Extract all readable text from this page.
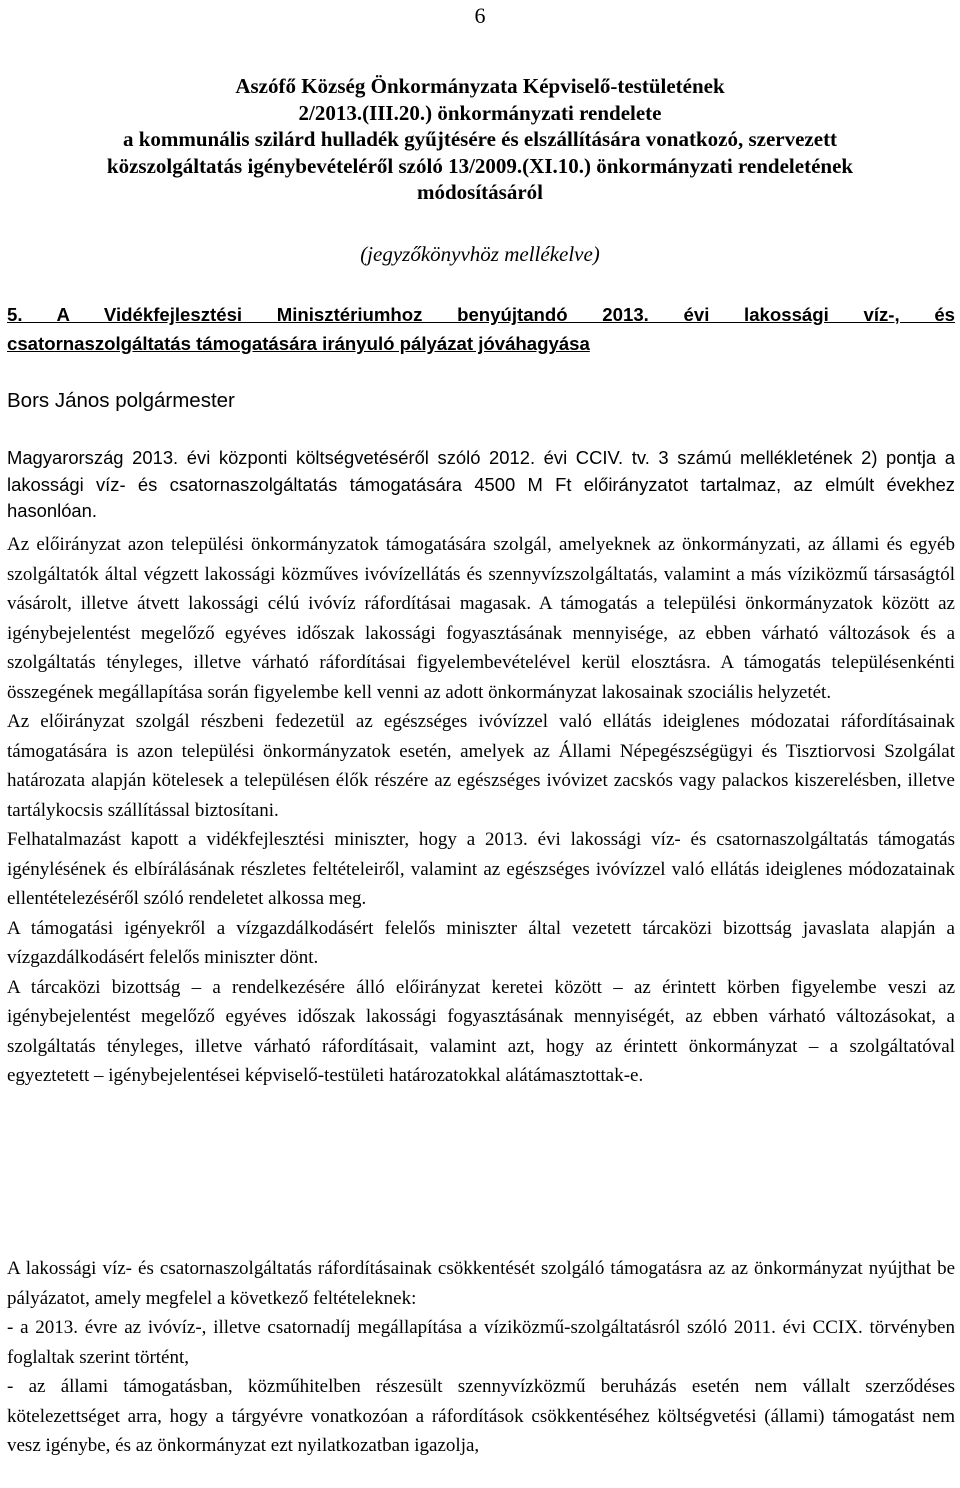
6
Aszófő Község Önkormányzata Képviselő-testületének
2/2013.(III.20.) önkormányzati rendelete
a kommunális szilárd hulladék gyűjtésére és elszállítására vonatkozó, szervezett
közszolgáltatás igénybevételéről szóló 13/2009.(XI.10.) önkormányzati rendeletének
módosításáról
(jegyzőkönyvhöz mellékelve)
5. A Vidékfejlesztési Minisztériumhoz benyújtandó 2013. évi lakossági víz-, és
csatornaszolgáltatás támogatására irányuló pályázat jóváhagyása
Bors János polgármester

Magyarország 2013. évi központi költségvetéséről szóló 2012. évi CCIV. tv. 3 számú mellékletének 2) pontja a lakossági víz- és csatornaszolgáltatás támogatására 4500 M Ft előirányzatot tartalmaz, az elmúlt évekhez hasonlóan.

Az előirányzat azon települési önkormányzatok támogatására szolgál, amelyeknek az önkormányzati, az állami és egyéb szolgáltatók által végzett lakossági közműves ivóvízellátás és szennyvízszolgáltatás, valamint a más víziközmű társaságtól vásárolt, illetve átvett lakossági célú ivóvíz ráfordításai magasak. A támogatás a települési önkormányzatok között az igénybejelentést megelőző egyéves időszak lakossági fogyasztásának mennyisége, az ebben várható változások és a szolgáltatás tényleges, illetve várható ráfordításai figyelembevételével kerül elosztásra. A támogatás településenkénti összegének megállapítása során figyelembe kell venni az adott önkormányzat lakosainak szociális helyzetét.

Az előirányzat szolgál részbeni fedezetül az egészséges ivóvízzel való ellátás ideiglenes módozatai ráfordításainak támogatására is azon települési önkormányzatok esetén, amelyek az Állami Népegészségügyi és Tisztiorvosi Szolgálat határozata alapján kötelesek a településen élők részére az egészséges ivóvizet zacskós vagy palackos kiszerelésben, illetve tartálykocsis szállítással biztosítani.

Felhatalmazást kapott a vidékfejlesztési miniszter, hogy a 2013. évi lakossági víz- és csatornaszolgáltatás támogatás igénylésének és elbírálásának részletes feltételeiről, valamint az egészséges ivóvízzel való ellátás ideiglenes módozatainak ellentételezéséről szóló rendeletet alkossa meg.

A támogatási igényekről a vízgazdálkodásért felelős miniszter által vezetett tárcaközi bizottság javaslata alapján a vízgazdálkodásért felelős miniszter dönt.

A tárcaközi bizottság – a rendelkezésére álló előirányzat keretei között – az érintett körben figyelembe veszi az igénybejelentést megelőző egyéves időszak lakossági fogyasztásának mennyiségét, az ebben várható változásokat, a szolgáltatás tényleges, illetve várható ráfordításait, valamint azt, hogy az érintett önkormányzat – a szolgáltatóval egyeztetett – igénybejelentései képviselő-testületi határozatokkal alátámasztottak-e.

A lakossági víz- és csatornaszolgáltatás ráfordításainak csökkentését szolgáló támogatásra az az önkormányzat nyújthat be pályázatot, amely megfelel a következő feltételeknek:

- a 2013. évre az ivóvíz-, illetve csatornadíj megállapítása a víziközmű-szolgáltatásról szóló 2011. évi CCIX. törvényben foglaltak szerint történt,

- az állami támogatásban, közműhitelben részesült szennyvízközmű beruházás esetén nem vállalt szerződéses kötelezettséget arra, hogy a tárgyévre vonatkozóan a ráfordítások csökkentéséhez költségvetési (állami) támogatást nem vesz igénybe, és az önkormányzat ezt nyilatkozatban igazolja,
